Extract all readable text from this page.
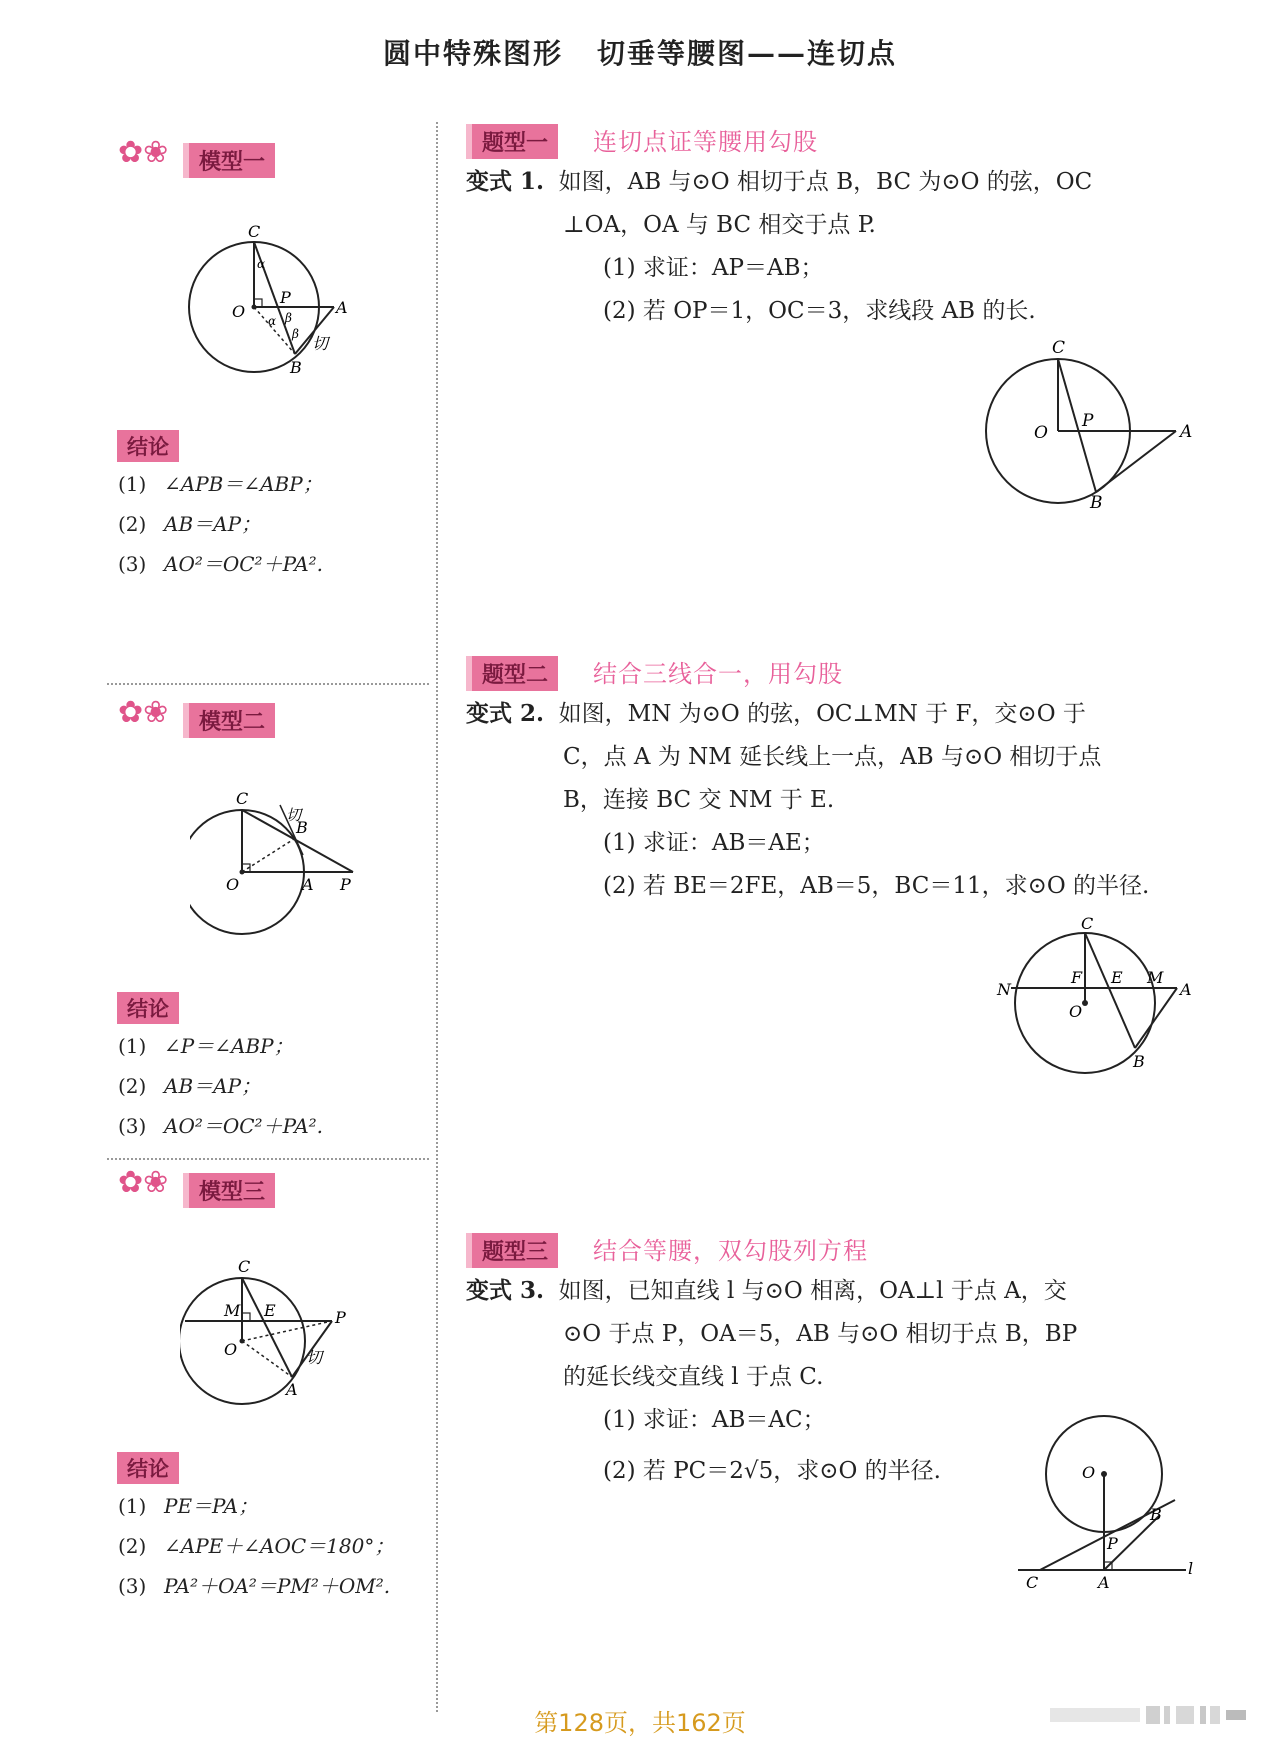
圆中特殊图形 切垂等腰图——连切点
✿❀	模型一
C
O
P
A
B
α
α β
β 切
结论
(1) ∠APB＝∠ABP；
(2) AB＝AP；
(3) AO²＝OC²＋PA².
✿❀	模型二
C
O	A P
B
切
结论
(1) ∠P＝∠ABP；
(2) AB＝AP；
(3) AO²＝OC²＋PA².
✿❀	模型三
C
M E
O
P
A
切
结论
(1) PE＝PA；
(2) ∠APE＋∠AOC＝180°；
(3) PA²＋OA²＝PM²＋OM².
题型一	连切点证等腰用勾股
变式 1. 如图，AB 与⊙O 相切于点 B，BC 为⊙O 的弦，OC
⊥OA，OA 与 BC 相交于点 P.
(1) 求证：AP＝AB；
(2) 若 OP＝1，OC＝3，求线段 AB 的长.
C
O
P
A
B
题型二	结合三线合一，用勾股
变式 2. 如图，MN 为⊙O 的弦，OC⊥MN 于 F，交⊙O 于
C，点 A 为 NM 延长线上一点，AB 与⊙O 相切于点
B，连接 BC 交 NM 于 E.
(1) 求证：AB＝AE；
(2) 若 BE＝2FE，AB＝5，BC＝11，求⊙O 的半径.
C
N
F E M
A
O
B
题型三	结合等腰，双勾股列方程
变式 3. 如图，已知直线 l 与⊙O 相离，OA⊥l 于点 A，交
⊙O 于点 P，OA＝5，AB 与⊙O 相切于点 B，BP
的延长线交直线 l 于点 C.
(1) 求证：AB＝AC；
(2) 若 PC＝2√5，求⊙O 的半径.	O
B
P
C	A
l
第128页，共162页
